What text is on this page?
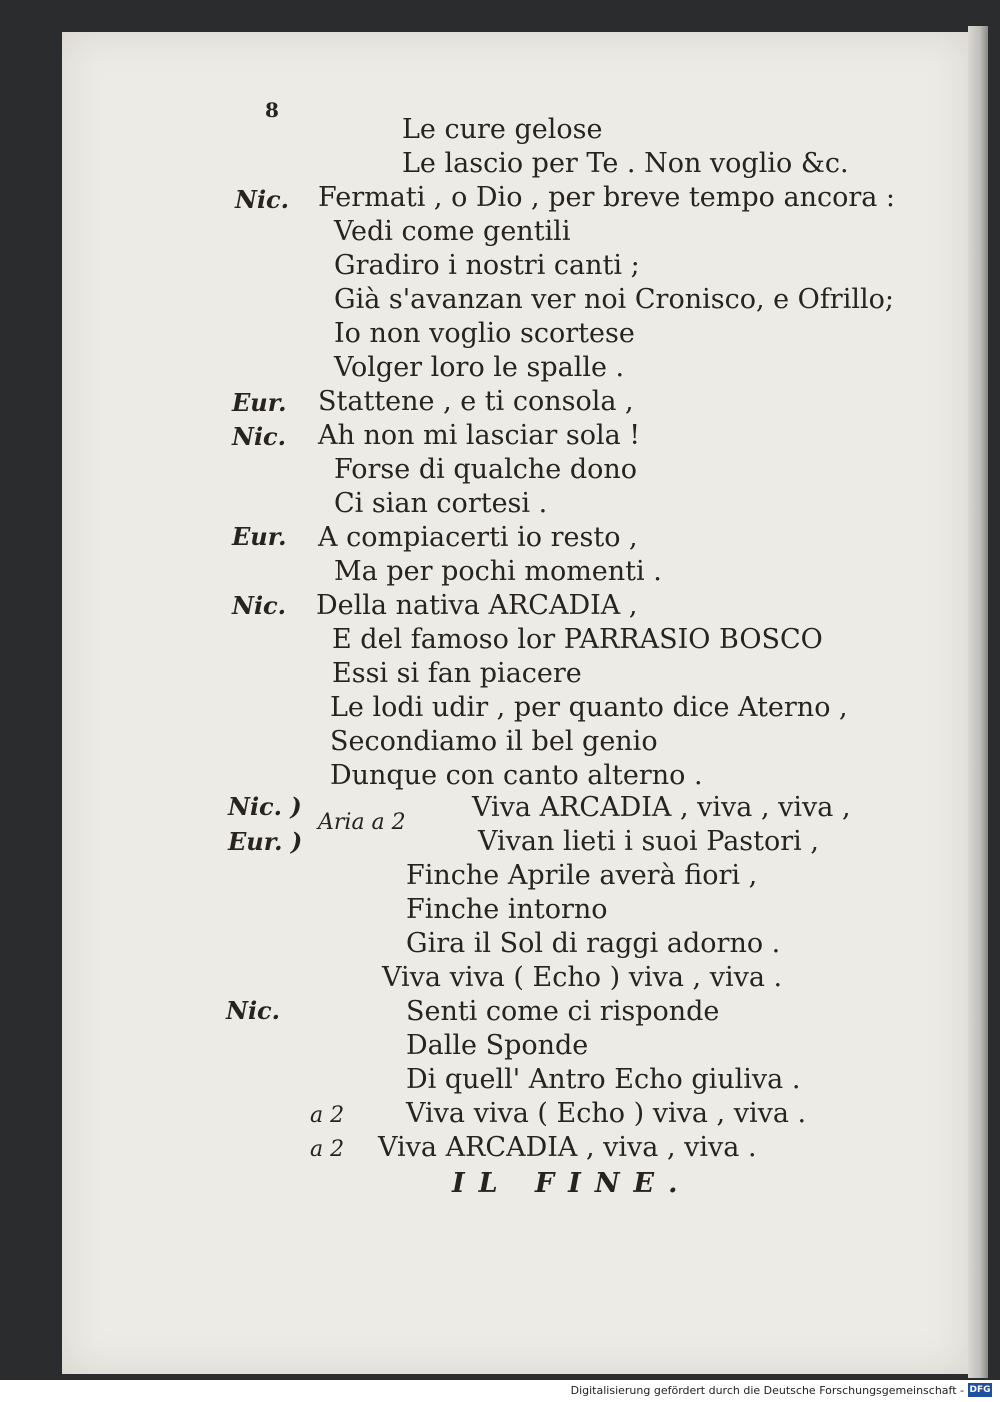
8
Nic.
Eur.
Nic.
Eur.
Nic.
Nic. )
Eur. )
Nic.
Aria a 2
a 2
a 2
Le cure gelose
Le lascio per Te . Non voglio &c.
Fermati , o Dio , per breve tempo ancora :
Vedi come gentili
Gradiro i nostri canti ;
Già s'avanzan ver noi Cronisco, e Ofrillo;
Io non voglio scortese
Volger loro le spalle .
Stattene , e ti consola ,
Ah non mi lasciar sola !
Forse di qualche dono
Ci sian cortesi .
A compiacerti io resto ,
Ma per pochi momenti .
Della nativa ARCADIA ,
E del famoso lor PARRASIO BOSCO
Essi si fan piacere
Le lodi udir , per quanto dice Aterno ,
Secondiamo il bel genio
Dunque con canto alterno .
Viva ARCADIA , viva , viva ,
Vivan lieti i suoi Pastori ,
Finche Aprile averà fiori ,
Finche intorno
Gira il Sol di raggi adorno .
Viva viva ( Echo ) viva , viva .
Senti come ci risponde
Dalle Sponde
Di quell' Antro Echo giuliva .
Viva viva ( Echo ) viva , viva .
Viva ARCADIA , viva , viva .
IL FINE.
Digitalisierung gefördert durch die Deutsche Forschungsgemeinschaft - DFG
